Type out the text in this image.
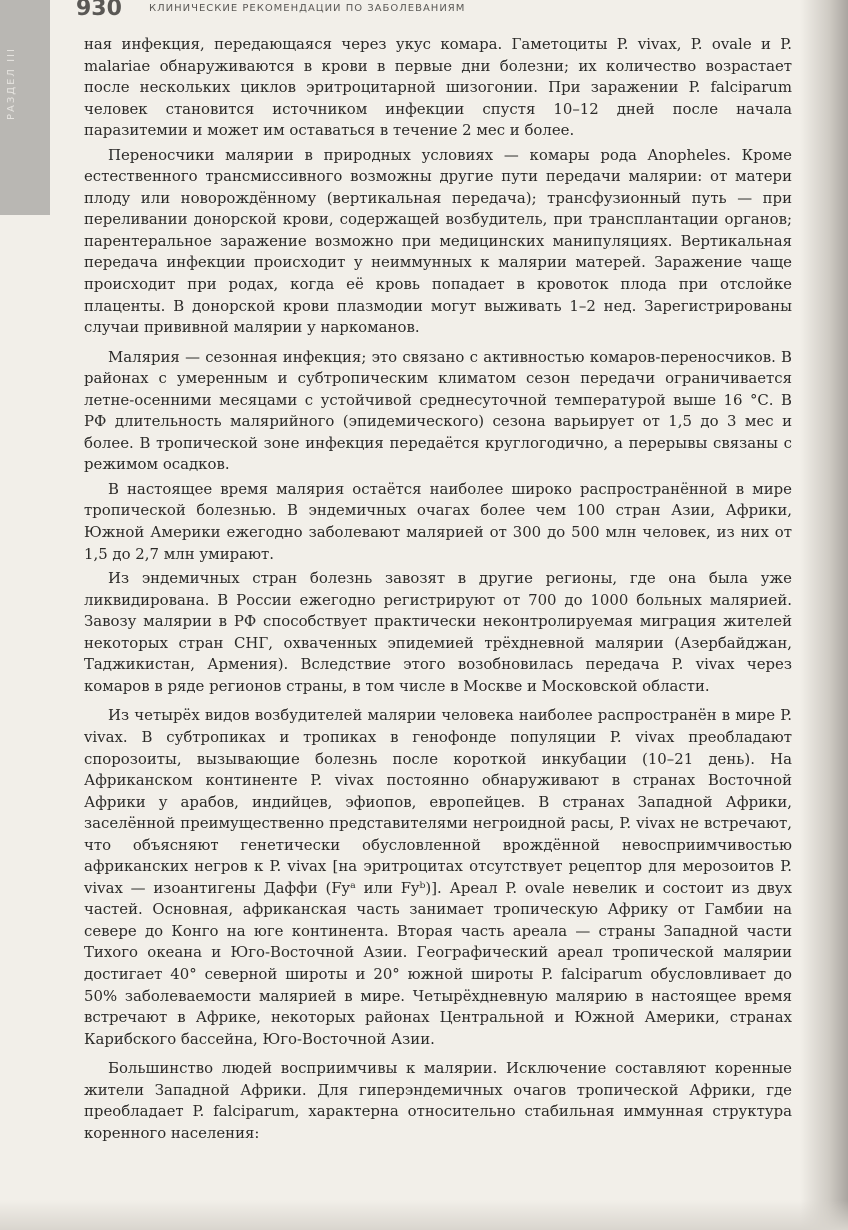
РАЗДЕЛ III
930	$^{КЛИНИЧЕСКИЕ РЕКОМЕНДАЦИИ ПО ЗАБОЛЕВАНИЯМ}$

ная инфекция, передающаяся через укус комара. Гаметоциты P. vivax, P. ovale и P. malariae обнаруживаются в крови в первые дни болезни; их количество возрастает после нескольких циклов эритроцитарной шизогонии. При заражении P. falciparum человек становится источником инфекции спустя 10–12 дней после начала паразитемии и может им оставаться в течение 2 мес и более.

Переносчики малярии в природных условиях — комары рода Anopheles. Кроме естественного трансмиссивного возможны другие пути передачи малярии: от матери плоду или новорождённому (вертикальная передача); трансфузионный путь — при переливании донорской крови, содержащей возбудитель, при трансплантации органов; парентеральное заражение возможно при медицинских манипуляциях. Вертикальная передача инфекции происходит у неиммунных к малярии матерей. Заражение чаще происходит при родах, когда её кровь попадает в кровоток плода при отслойке плаценты. В донорской крови плазмодии могут выживать 1–2 нед. Зарегистрированы случаи прививной малярии у наркоманов.

Малярия — сезонная инфекция; это связано с активностью комаров-переносчиков. В районах с умеренным и субтропическим климатом сезон передачи ограничивается летне-осенними месяцами с устойчивой среднесуточной температурой выше 16 °С. В РФ длительность малярийного (эпидемического) сезона варьирует от 1,5 до 3 мес и более. В тропической зоне инфекция передаётся круглогодично, а перерывы связаны с режимом осадков.

В настоящее время малярия остаётся наиболее широко распространённой в мире тропической болезнью. В эндемичных очагах более чем 100 стран Азии, Африки, Южной Америки ежегодно заболевают малярией от 300 до 500 млн человек, из них от 1,5 до 2,7 млн умирают.

Из эндемичных стран болезнь завозят в другие регионы, где она была уже ликвидирована. В России ежегодно регистрируют от 700 до 1000 больных малярией. Завозу малярии в РФ способствует практически неконтролируемая миграция жителей некоторых стран СНГ, охваченных эпидемией трёхдневной малярии (Азербайджан, Таджикистан, Армения). Вследствие этого возобновилась передача P. vivax через комаров в ряде регионов страны, в том числе в Москве и Московской области.

Из четырёх видов возбудителей малярии человека наиболее распространён в мире P. vivax. В субтропиках и тропиках в генофонде популяции P. vivax преобладают спорозоиты, вызывающие болезнь после короткой инкубации (10–21 день). На Африканском континенте P. vivax постоянно обнаруживают в странах Восточной Африки у арабов, индийцев, эфиопов, европейцев. В странах Западной Африки, заселённой преимущественно представителями негроидной расы, P. vivax не встречают, что объясняют генетически обусловленной врождённой невосприимчивостью африканских негров к P. vivax [на эритроцитах отсутствует рецептор для мерозоитов P. vivax — изоантигены Даффи (Fyᵃ или Fyᵇ)]. Ареал P. ovale невелик и состоит из двух частей. Основная, африканская часть занимает тропическую Африку от Гамбии на севере до Конго на юге континента. Вторая часть ареала — страны Западной части Тихого океана и Юго-Восточной Азии. Географический ареал тропической малярии достигает 40° северной широты и 20° южной широты P. falciparum обусловливает до 50% заболеваемости малярией в мире. Четырёхдневную малярию в настоящее время встречают в Африке, некоторых районах Центральной и Южной Америки, странах Карибского бассейна, Юго-Восточной Азии.

Большинство людей восприимчивы к малярии. Исключение составляют коренные жители Западной Африки. Для гиперэндемичных очагов тропической Африки, где преобладает P. falciparum, характерна относительно стабильная иммунная структура коренного населения:
